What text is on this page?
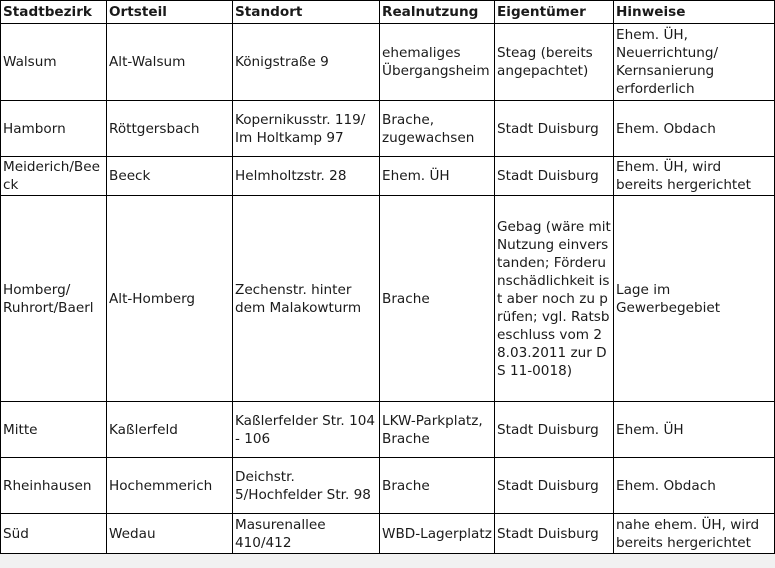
Stadtbezirk	Ortsteil	Standort	Realnutzung	Eigentümer	Hinweise
Walsum	Alt-Walsum	Königstraße 9	ehemaliges Übergangsheim	Steag (bereits angepachtet)	Ehem. ÜH, Neuerrichtung/ Kernsanierung erforderlich
Hamborn	Röttgersbach	Kopernikusstr. 119/ Im Holtkamp 97	Brache, zugewachsen	Stadt Duisburg	Ehem. Obdach
Meiderich/Beeck	Beeck	Helmholtzstr. 28	Ehem. ÜH	Stadt Duisburg	Ehem. ÜH, wird bereits hergerichtet
Homberg/ Ruhrort/Baerl	Alt-Homberg	Zechenstr. hinter dem Malakowturm	Brache	Gebag (wäre mit Nutzung einverstanden; Förderunschädlichkeit ist aber noch zu prüfen; vgl. Ratsbeschluss vom 28.03.2011 zur DS 11-0018)	Lage im Gewerbegebiet
Mitte	Kaßlerfeld	Kaßlerfelder Str. 104 - 106	LKW-Parkplatz, Brache	Stadt Duisburg	Ehem. ÜH
Rheinhausen	Hochemmerich	Deichstr. 5/Hochfelder Str. 98	Brache	Stadt Duisburg	Ehem. Obdach
Süd	Wedau	Masurenallee 410/412	WBD-Lagerplatz	Stadt Duisburg	nahe ehem. ÜH, wird bereits hergerichtet
